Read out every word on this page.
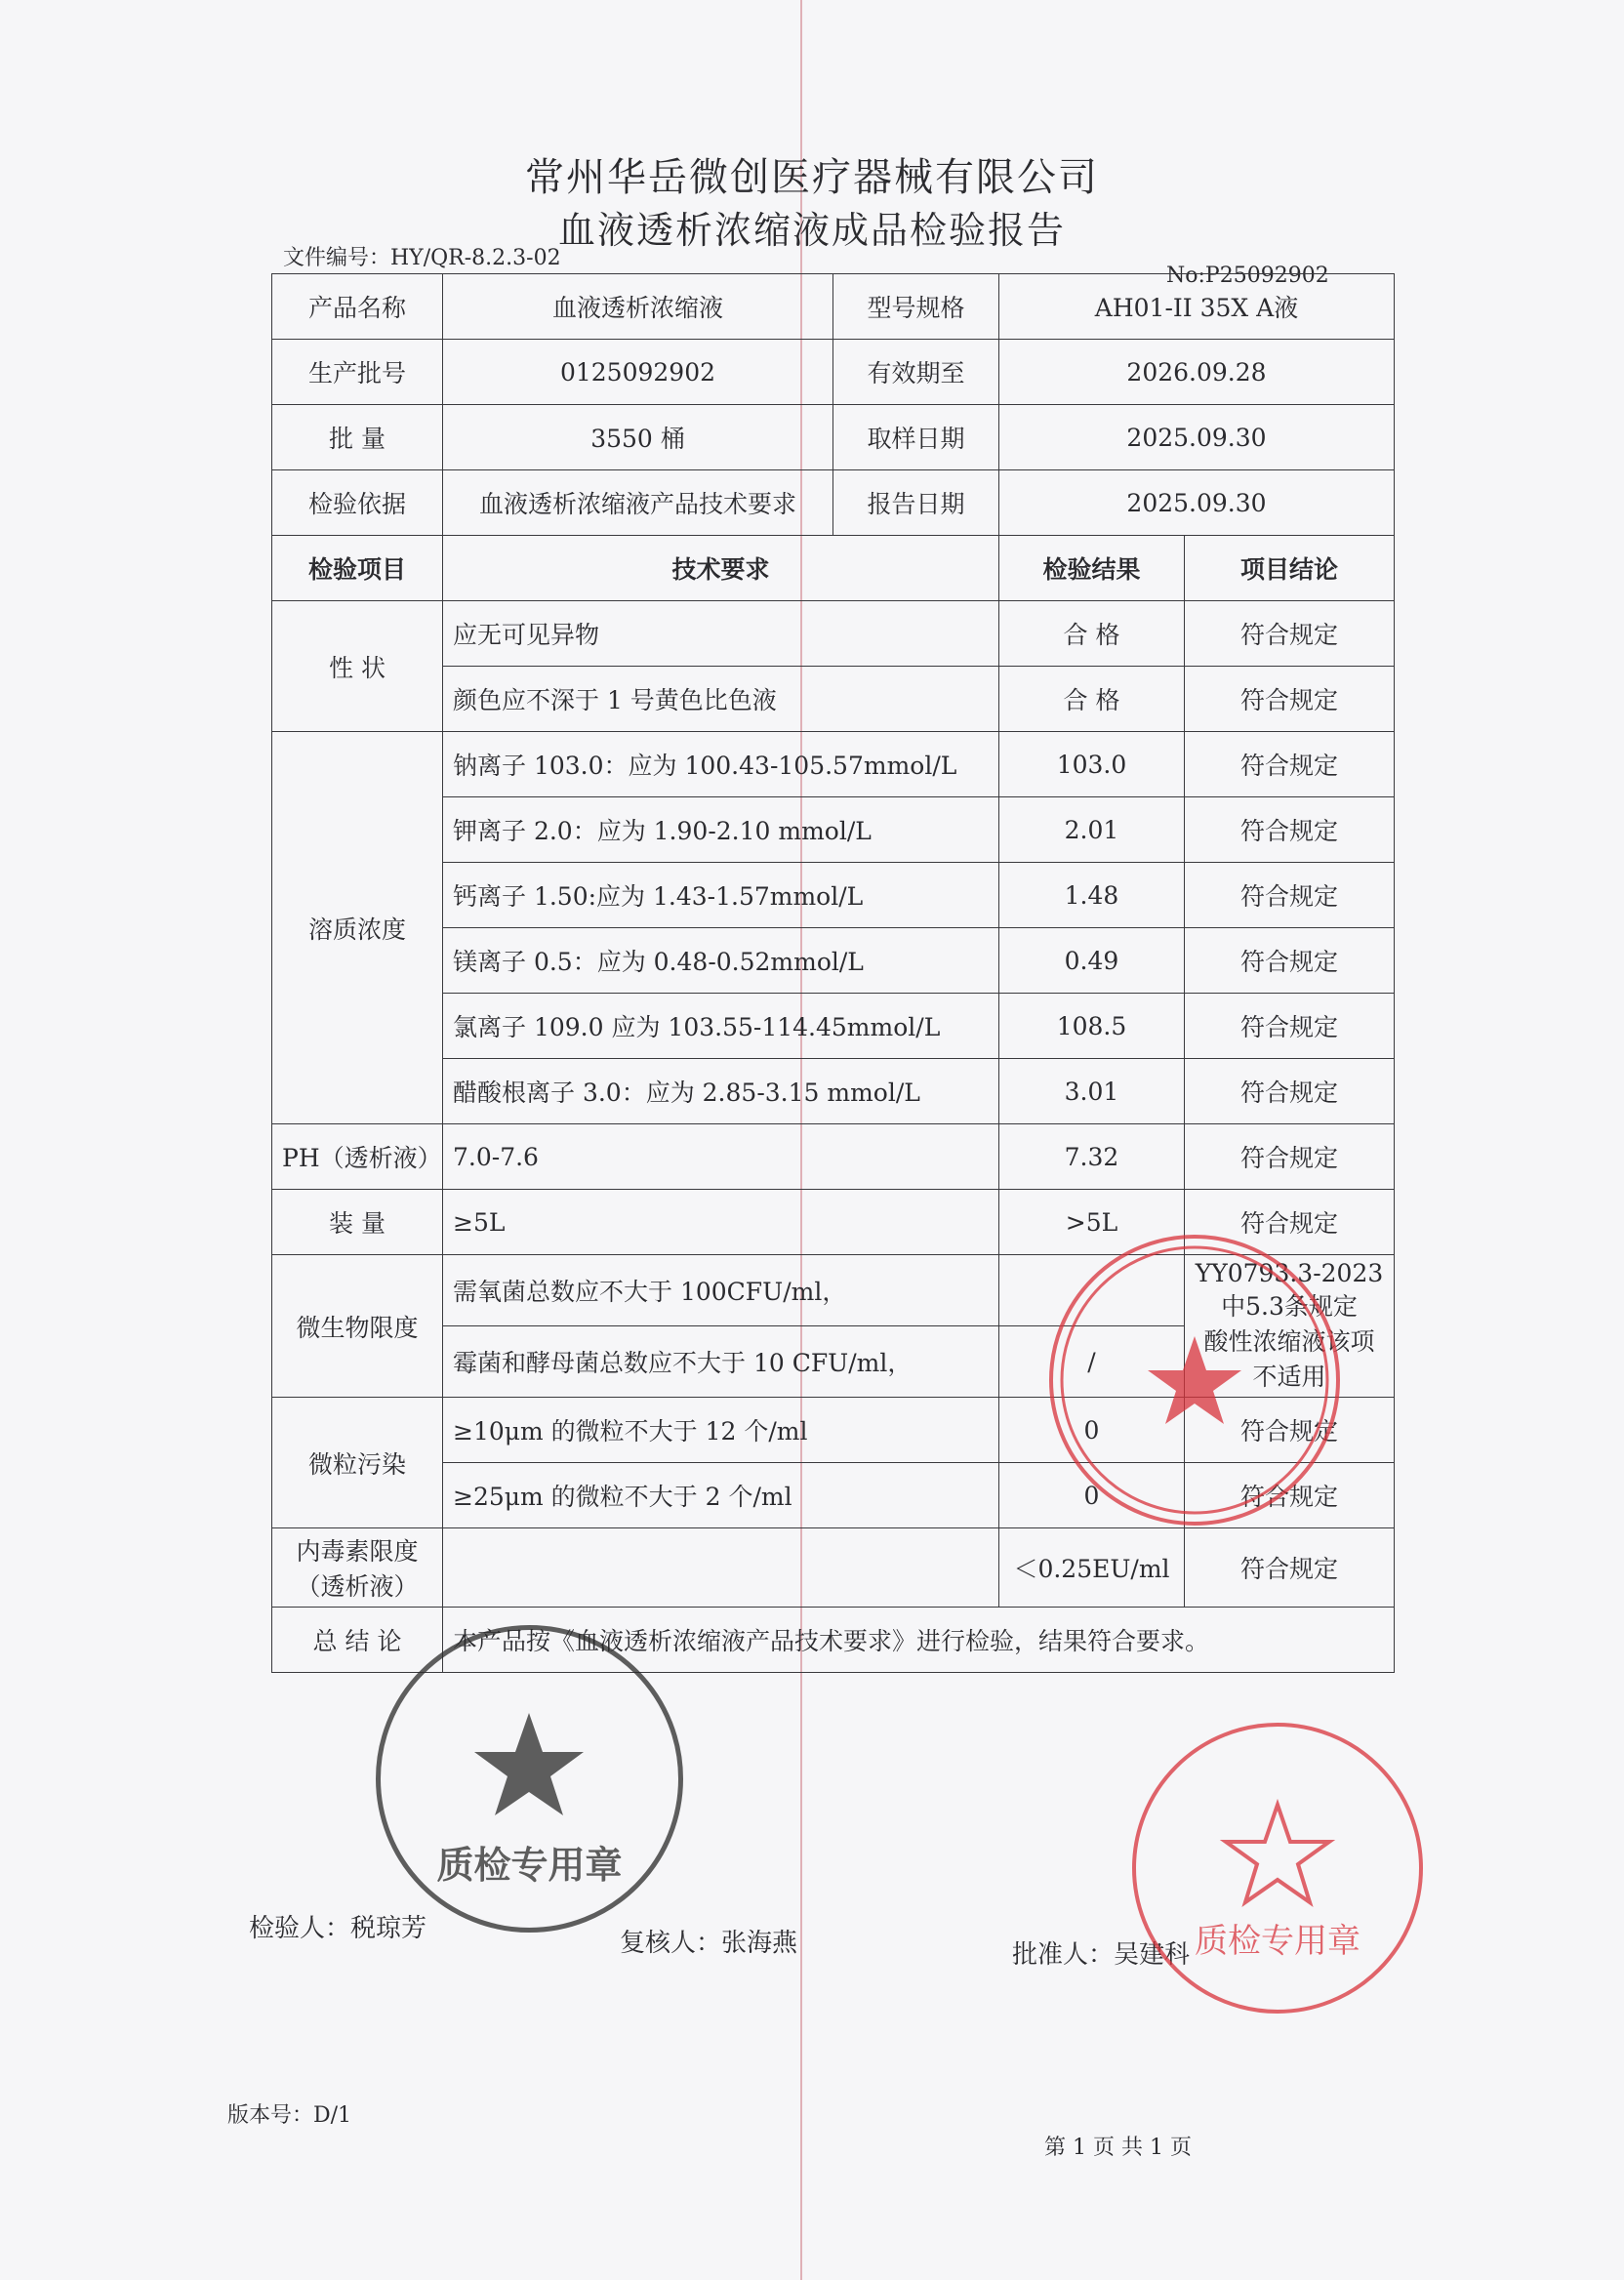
常州华岳微创医疗器械有限公司
血液透析浓缩液成品检验报告
文件编号：HY/QR-8.2.3-02
No:P25092902
产品名称	血液透析浓缩液	型号规格	AH01-II 35X A液	
生产批号	0125092902	有效期至	2026.09.28	
批 量	3550 桶	取样日期	2025.09.30	
检验依据	血液透析浓缩液产品技术要求	报告日期	2025.09.30	
检验项目	技术要求		检验结果	项目结论
性 状	应无可见异物		合 格	符合规定
	颜色应不深于 1 号黄色比色液		合 格	符合规定
溶质浓度	钠离子 103.0：应为 100.43-105.57mmol/L		103.0	符合规定
	钾离子 2.0：应为 1.90-2.10 mmol/L		2.01	符合规定
	钙离子 1.50:应为 1.43-1.57mmol/L		1.48	符合规定
	镁离子 0.5：应为 0.48-0.52mmol/L		0.49	符合规定
	氯离子 109.0 应为 103.55-114.45mmol/L		108.5	符合规定
	醋酸根离子 3.0：应为 2.85-3.15 mmol/L		3.01	符合规定
PH（透析液）	7.0-7.6		7.32	符合规定
装 量	≥5L		>5L	符合规定
微生物限度	需氧菌总数应不大于 100CFU/ml，			YY0793.3-2023中5.3条规定
酸性浓缩液该项不适用

	霉菌和酵母菌总数应不大于 10 CFU/ml，		/	
微粒污染	≥10μm 的微粒不大于 12 个/ml		0	符合规定
	≥25μm 的微粒不大于 2 个/ml		0	符合规定
内毒素限度（透析液）			＜0.25EU/ml	符合规定
总 结 论	本产品按《血液透析浓缩液产品技术要求》进行检验，结果符合要求。			
检验人：税琼芳	复核人：张海燕	批准人：吴建科
版本号：D/1
第 1 页 共 1 页
质检专用章
质检专用章
